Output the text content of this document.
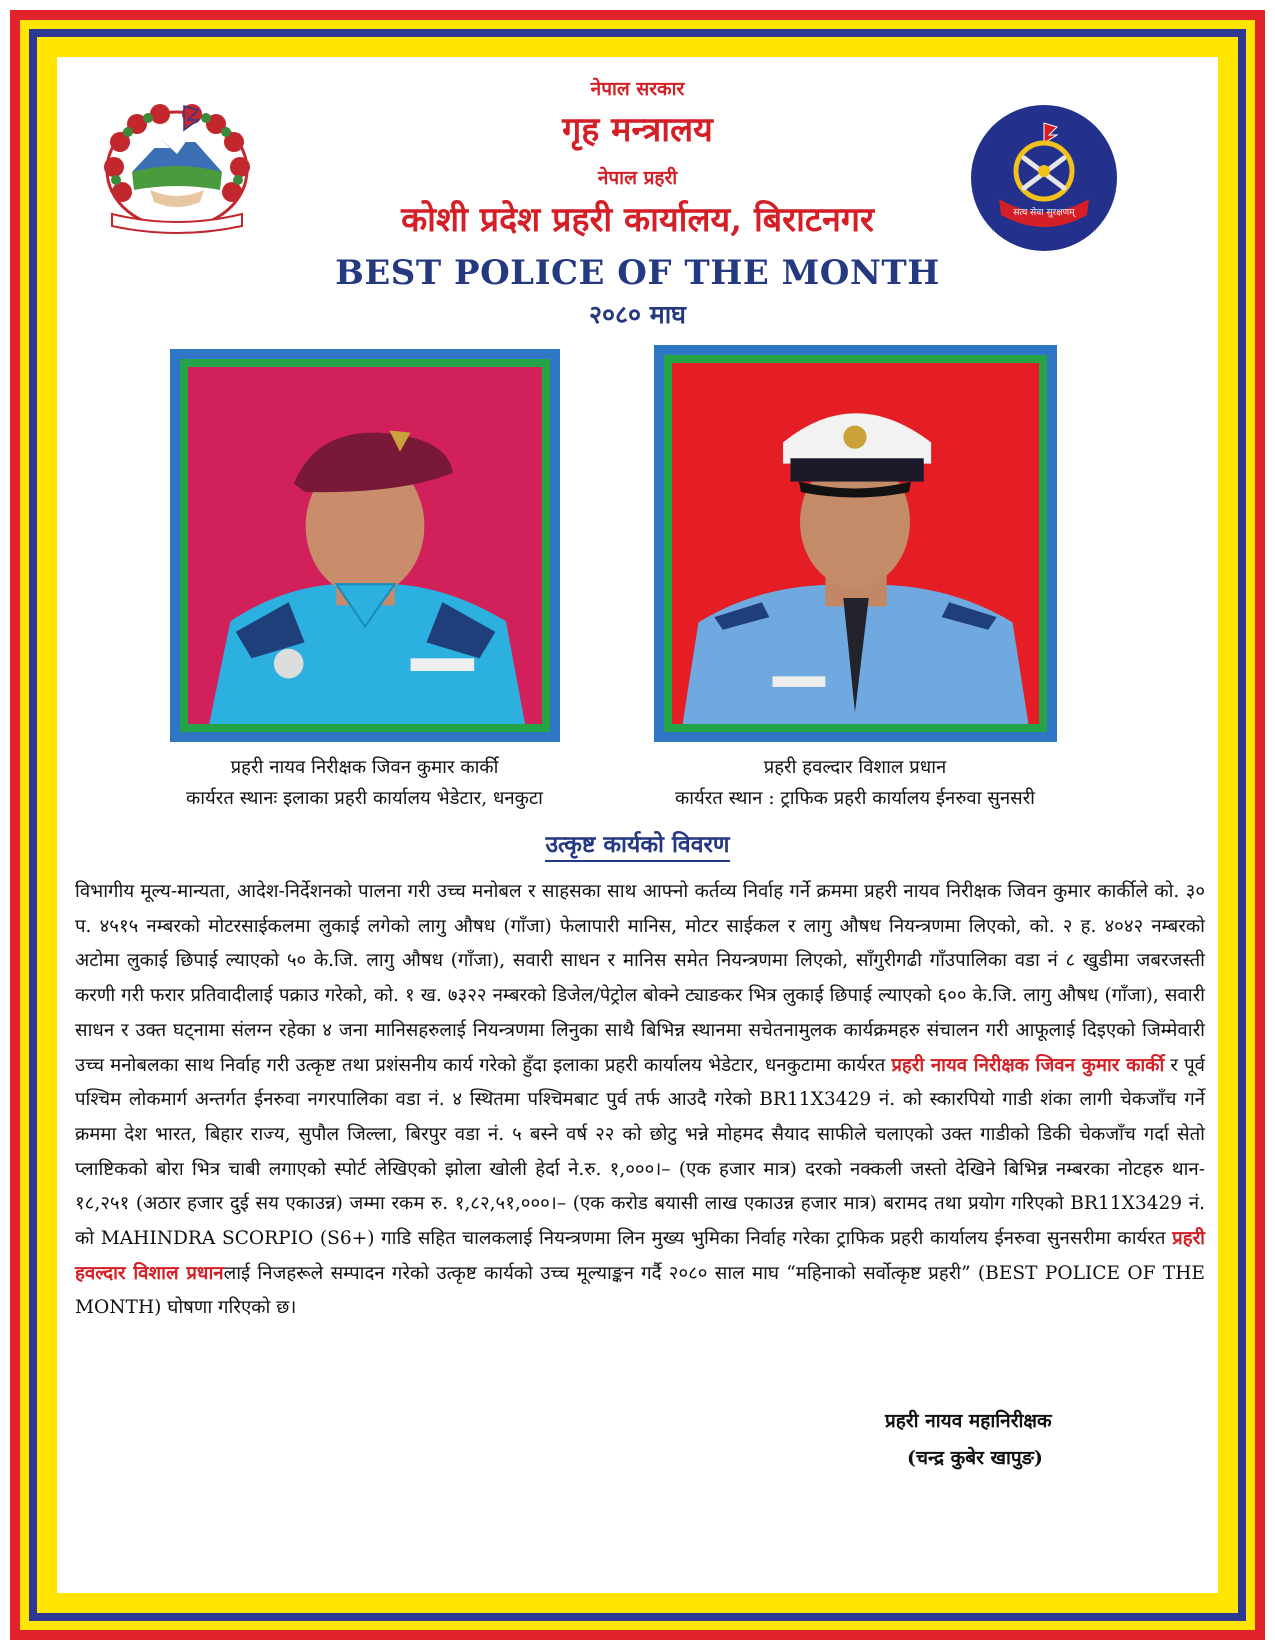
सत्य सेवा सुरक्षणम्
नेपाल सरकार
गृह मन्त्रालय
नेपाल प्रहरी
कोशी प्रदेश प्रहरी कार्यालय, बिराटनगर
BEST POLICE OF THE MONTH
२०८० माघ
प्रहरी नायव निरीक्षक जिवन कुमार कार्की
कार्यरत स्थानः इलाका प्रहरी कार्यालय भेडेटार, धनकुटा
प्रहरी हवल्दार विशाल प्रधान
कार्यरत स्थान : ट्राफिक प्रहरी कार्यालय ईनरुवा सुनसरी
उत्कृष्ट कार्यको विवरण
विभागीय मूल्य-मान्यता, आदेश-निर्देशनको पालना गरी उच्च मनोबल र साहसका साथ आफ्नो कर्तव्य निर्वाह गर्ने क्रममा प्रहरी नायव निरीक्षक जिवन कुमार कार्कीले को. ३० प. ४५१५ नम्बरको मोटरसाईकलमा लुकाई लगेको लागु औषध (गाँजा) फेलापारी मानिस, मोटर साईकल र लागु औषध नियन्त्रणमा लिएको, को. २ ह. ४०४२ नम्बरको अटोमा लुकाई छिपाई ल्याएको ५० के.जि. लागु औषध (गाँजा), सवारी साधन र मानिस समेत नियन्त्रणमा लिएको, साँगुरीगढी गाँउपालिका वडा नं ८ खुडीमा जबरजस्ती करणी गरी फरार प्रतिवादीलाई पक्राउ गरेको, को. १ ख. ७३२२ नम्बरको डिजेल/पेट्रोल बोक्ने ट्याङकर भित्र लुकाई छिपाई ल्याएको ६०० के.जि. लागु औषध (गाँजा), सवारी साधन र उक्त घट्नामा संलग्न रहेका ४ जना मानिसहरुलाई नियन्त्रणमा लिनुका साथै बिभिन्न स्थानमा सचेतनामुलक कार्यक्रमहरु संचालन गरी आफूलाई दिइएको जिम्मेवारी उच्च मनोबलका साथ निर्वाह गरी उत्कृष्ट तथा प्रशंसनीय कार्य गरेको हुँदा इलाका प्रहरी कार्यालय भेडेटार, धनकुटामा कार्यरत प्रहरी नायव निरीक्षक जिवन कुमार कार्की र पूर्व पश्चिम लोकमार्ग अन्तर्गत ईनरुवा नगरपालिका वडा नं. ४ स्थितमा पश्चिमबाट पुर्व तर्फ आउदै गरेको BR11X3429 नं. को स्कारपियो गाडी शंका लागी चेकजाँच गर्ने क्रममा देश भारत, बिहार राज्य, सुपौल जिल्ला, बिरपुर वडा नं. ५ बस्ने वर्ष २२ को छोटु भन्ने मोहमद सैयाद साफीले चलाएको उक्त गाडीको डिकी चेकजाँच गर्दा सेतो प्लाष्टिकको बोरा भित्र चाबी लगाएको स्पोर्ट लेखिएको झोला खोली हेर्दा ने.रु. १,०००।– (एक हजार मात्र) दरको नक्कली जस्तो देखिने बिभिन्न नम्बरका नोटहरु थान- १८,२५१ (अठार हजार दुई सय एकाउन्न) जम्मा रकम रु. १,८२,५१,०००।– (एक करोड बयासी लाख एकाउन्न हजार मात्र) बरामद तथा प्रयोग गरिएको BR11X3429 नं. को MAHINDRA SCORPIO (S6+) गाडि सहित चालकलाई नियन्त्रणमा लिन मुख्य भुमिका निर्वाह गरेका ट्राफिक प्रहरी कार्यालय ईनरुवा सुनसरीमा कार्यरत प्रहरी हवल्दार विशाल प्रधानलाई निजहरूले सम्पादन गरेको उत्कृष्ट कार्यको उच्च मूल्याङ्कन गर्दै २०८० साल माघ “महिनाको सर्वोत्कृष्ट प्रहरी” (BEST POLICE OF THE MONTH) घोषणा गरिएको छ।
प्रहरी नायव महानिरीक्षक
(चन्द्र कुबेर खापुङ)
